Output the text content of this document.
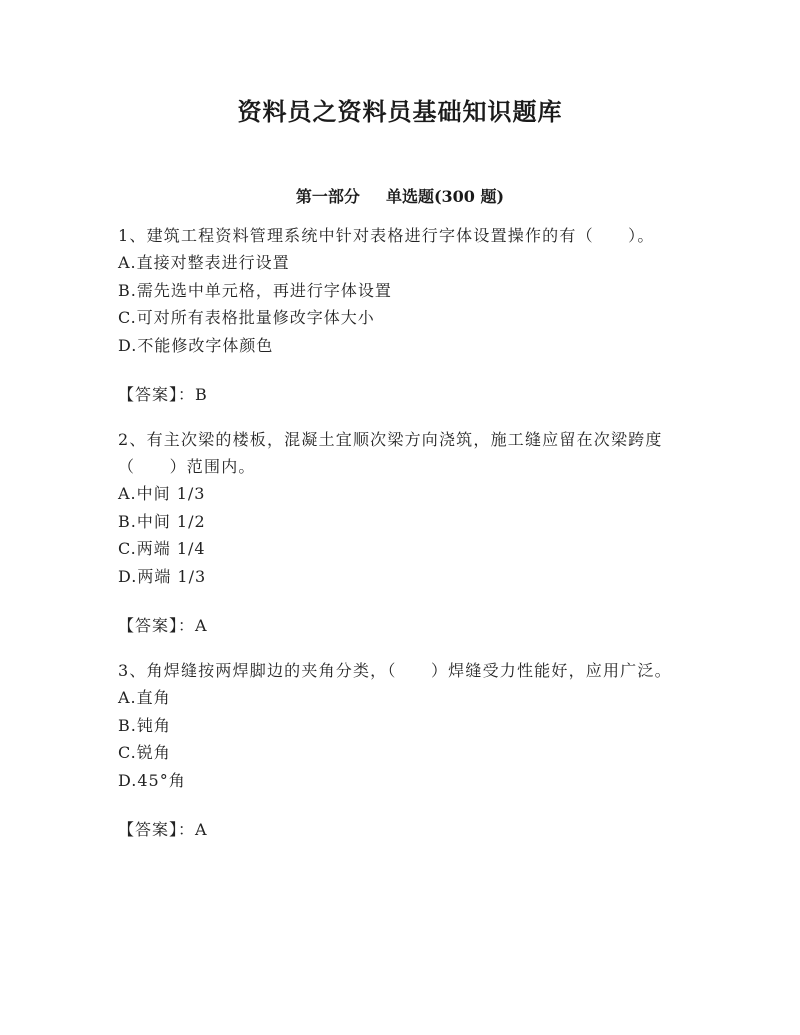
资料员之资料员基础知识题库
第一部分 单选题(300 题)

1、建筑工程资料管理系统中针对表格进行字体设置操作的有（　　）。

A.直接对整表进行设置

B.需先选中单元格，再进行字体设置

C.可对所有表格批量修改字体大小

D.不能修改字体颜色

【答案】：B

2、有主次梁的楼板，混凝土宜顺次梁方向浇筑，施工缝应留在次梁跨度（　　）范围内。

A.中间 1/3

B.中间 1/2

C.两端 1/4

D.两端 1/3

【答案】：A

3、角焊缝按两焊脚边的夹角分类，（　　）焊缝受力性能好，应用广泛。

A.直角

B.钝角

C.锐角

D.45°角

【答案】：A
